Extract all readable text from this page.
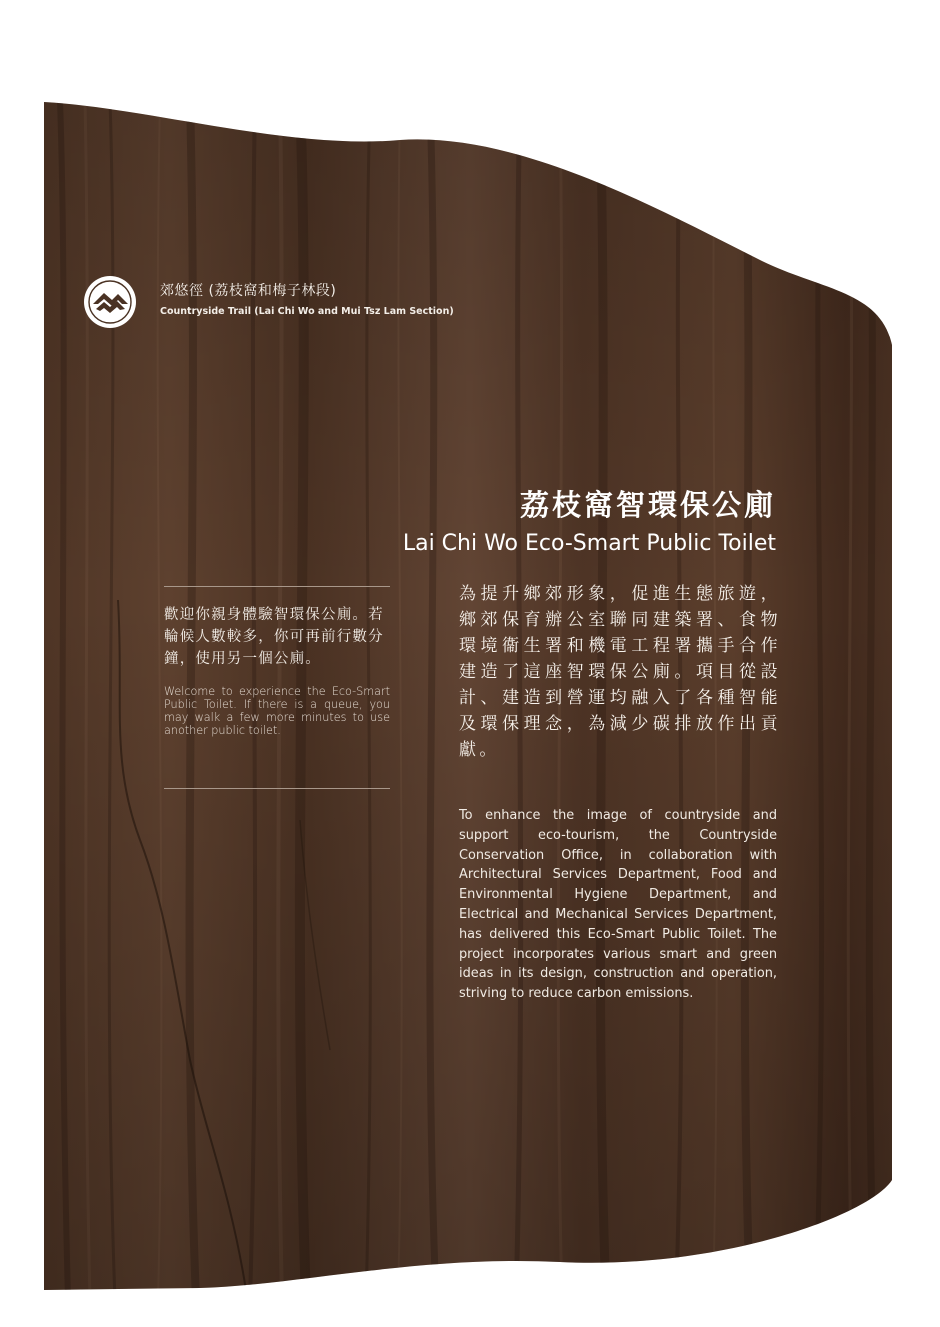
郊悠徑 (荔枝窩和梅子林段)
Countryside Trail (Lai Chi Wo and Mui Tsz Lam Section)
荔枝窩智環保公廁
Lai Chi Wo Eco-Smart Public Toilet
歡迎你親身體驗智環保公廁。若輪候人數較多，你可再前行數分鐘，使用另一個公廁。
Welcome to experience the Eco-Smart Public Toilet. If there is a queue, you may walk a few more minutes to use another public toilet.
為提升鄉郊形象，促進生態旅遊，鄉郊保育辦公室聯同建築署、食物環境衞生署和機電工程署攜手合作建造了這座智環保公廁。項目從設計、建造到營運均融入了各種智能及環保理念，為減少碳排放作出貢獻。
To enhance the image of countryside and support eco-tourism, the Countryside Conservation Office, in collaboration with Architectural Services Department, Food and Environmental Hygiene Department, and Electrical and Mechanical Services Department, has delivered this Eco-Smart Public Toilet. The project incorporates various smart and green ideas in its design, construction and operation, striving to reduce carbon emissions.
